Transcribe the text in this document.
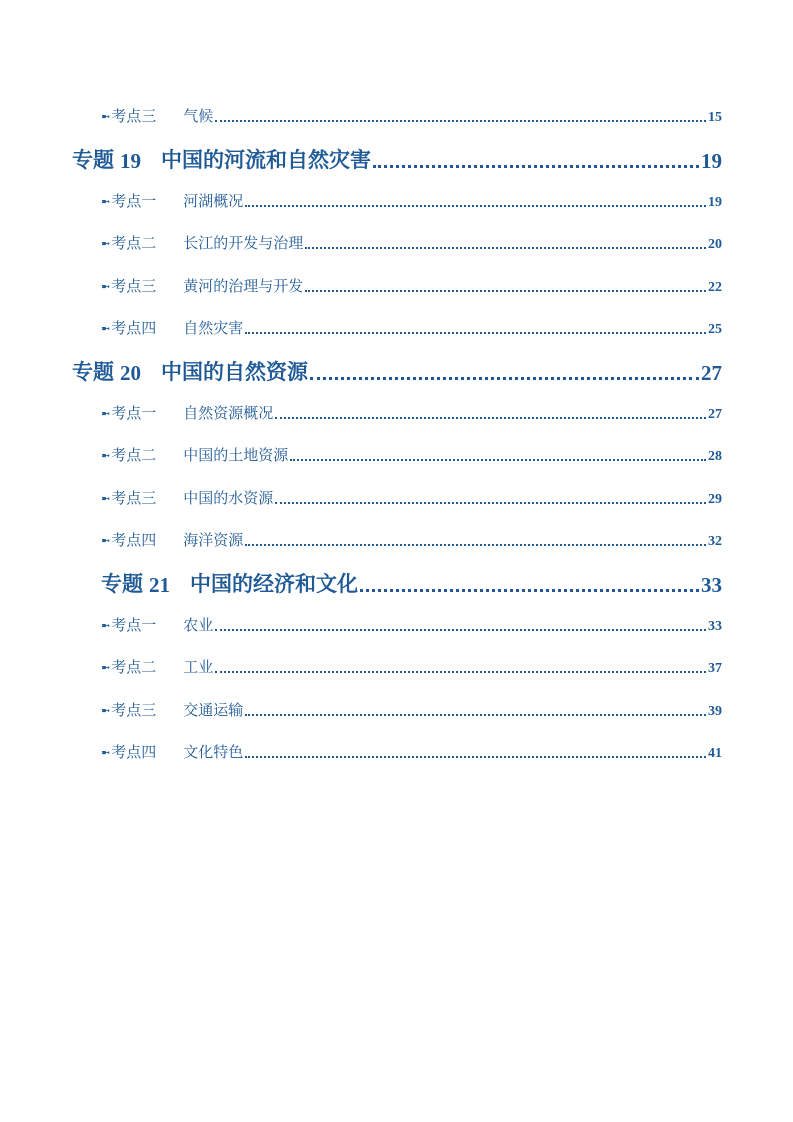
➼ 考点三	气候	15
专题 19 中国的河流和自然灾害	19
➼ 考点一	河湖概况	19
➼ 考点二	长江的开发与治理	20
➼ 考点三	黄河的治理与开发	22
➼ 考点四	自然灾害	25
专题 20 中国的自然资源	27
➼ 考点一	自然资源概况	27
➼ 考点二	中国的土地资源	28
➼ 考点三	中国的水资源	29
➼ 考点四	海洋资源	32
专题 21 中国的经济和文化	33
➼ 考点一	农业	33
➼ 考点二	工业	37
➼ 考点三	交通运输	39
➼ 考点四	文化特色	41
